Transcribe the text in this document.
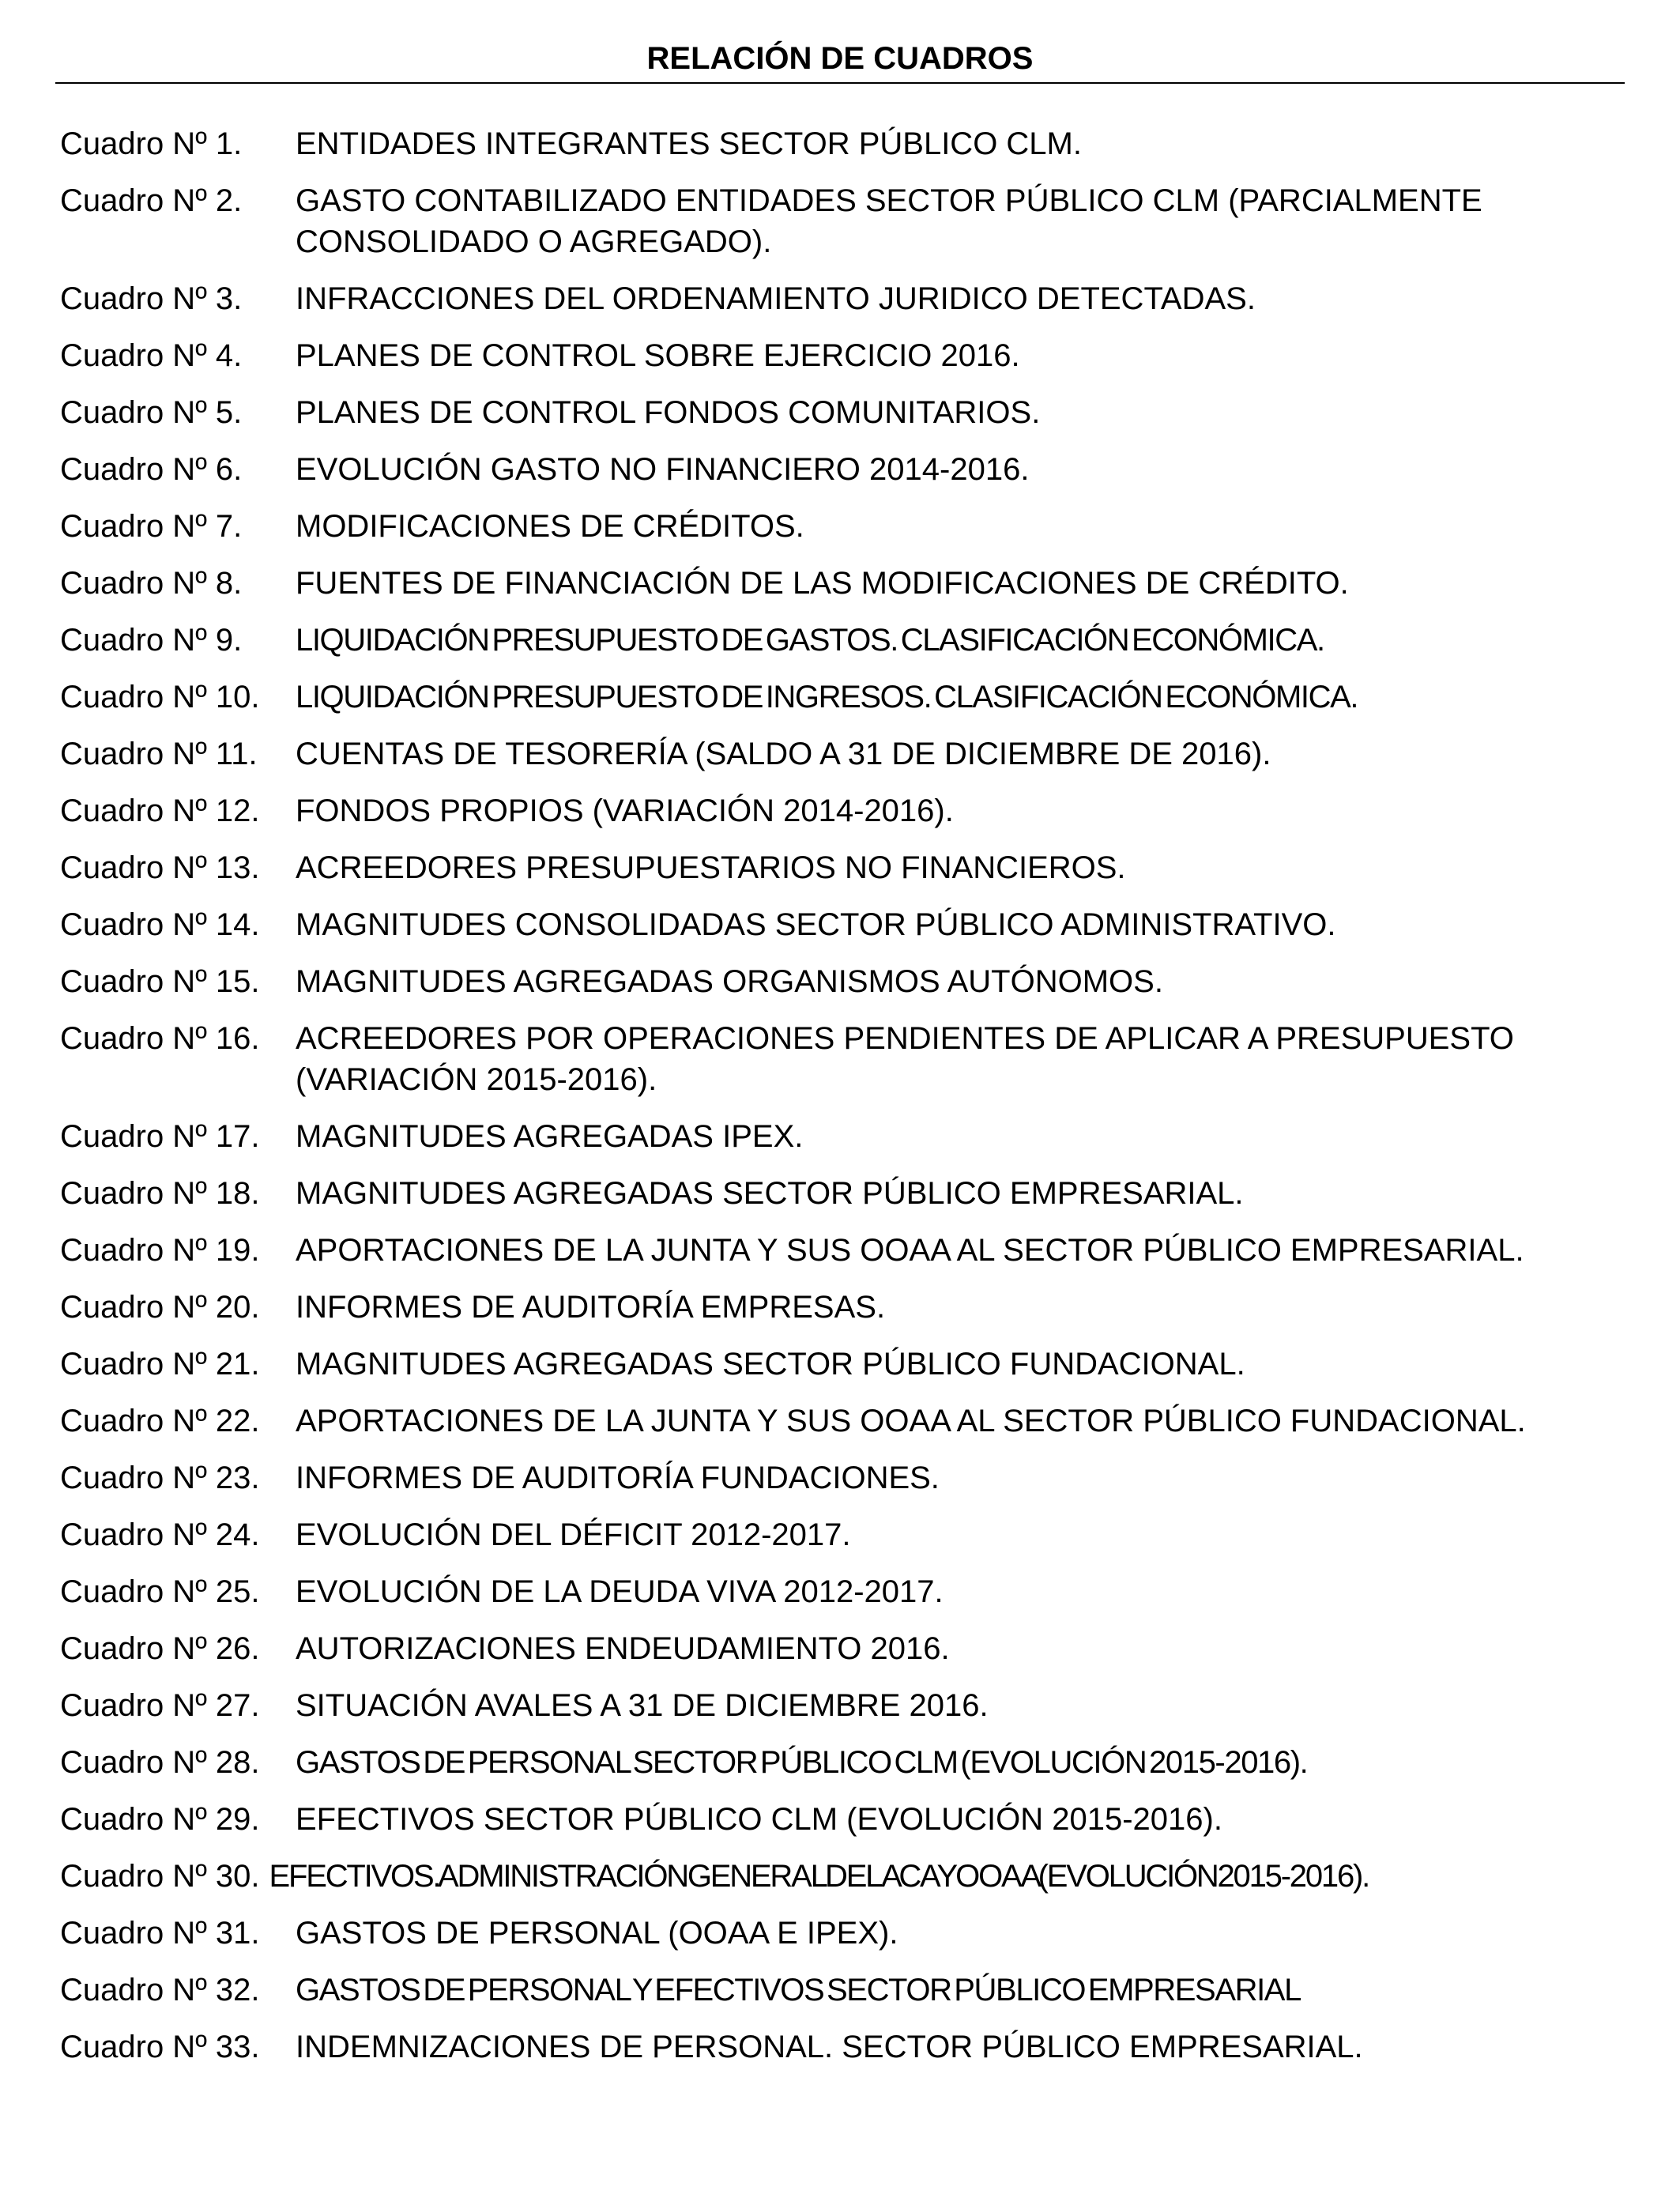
RELACIÓN DE CUADROS
Cuadro Nº 1.	ENTIDADES INTEGRANTES SECTOR PÚBLICO CLM.
Cuadro Nº 2.	GASTO CONTABILIZADO ENTIDADES SECTOR PÚBLICO CLM (PARCIALMENTE CONSOLIDADO O AGREGADO).
Cuadro Nº 3.	INFRACCIONES DEL ORDENAMIENTO JURIDICO DETECTADAS.
Cuadro Nº 4.	PLANES DE CONTROL SOBRE EJERCICIO 2016.
Cuadro Nº 5.	PLANES DE CONTROL FONDOS COMUNITARIOS.
Cuadro Nº 6.	EVOLUCIÓN GASTO NO FINANCIERO 2014-2016.
Cuadro Nº 7.	MODIFICACIONES DE CRÉDITOS.
Cuadro Nº 8.	FUENTES DE FINANCIACIÓN DE LAS MODIFICACIONES DE CRÉDITO.
Cuadro Nº 9.	LIQUIDACIÓN PRESUPUESTO DE GASTOS. CLASIFICACIÓN ECONÓMICA.
Cuadro Nº 10.	LIQUIDACIÓN PRESUPUESTO DE INGRESOS. CLASIFICACIÓN ECONÓMICA.
Cuadro Nº 11.	CUENTAS DE TESORERÍA (SALDO A 31 DE DICIEMBRE DE 2016).
Cuadro Nº 12.	FONDOS PROPIOS (VARIACIÓN 2014-2016).
Cuadro Nº 13.	ACREEDORES PRESUPUESTARIOS NO FINANCIEROS.
Cuadro Nº 14.	MAGNITUDES CONSOLIDADAS SECTOR PÚBLICO ADMINISTRATIVO.
Cuadro Nº 15.	MAGNITUDES AGREGADAS ORGANISMOS AUTÓNOMOS.
Cuadro Nº 16.	ACREEDORES POR OPERACIONES PENDIENTES DE APLICAR A PRESUPUESTO (VARIACIÓN 2015-2016).
Cuadro Nº 17.	MAGNITUDES AGREGADAS IPEX.
Cuadro Nº 18.	MAGNITUDES AGREGADAS SECTOR PÚBLICO EMPRESARIAL.
Cuadro Nº 19.	APORTACIONES DE LA JUNTA Y SUS OOAA AL SECTOR PÚBLICO EMPRESARIAL.
Cuadro Nº 20.	INFORMES DE AUDITORÍA EMPRESAS.
Cuadro Nº 21.	MAGNITUDES AGREGADAS SECTOR PÚBLICO FUNDACIONAL.
Cuadro Nº 22.	APORTACIONES DE LA JUNTA Y SUS OOAA AL SECTOR PÚBLICO FUNDACIONAL.
Cuadro Nº 23.	INFORMES DE AUDITORÍA FUNDACIONES.
Cuadro Nº 24.	EVOLUCIÓN DEL DÉFICIT 2012-2017.
Cuadro Nº 25.	EVOLUCIÓN DE LA DEUDA VIVA 2012-2017.
Cuadro Nº 26.	AUTORIZACIONES ENDEUDAMIENTO 2016.
Cuadro Nº 27.	SITUACIÓN AVALES A 31 DE DICIEMBRE 2016.
Cuadro Nº 28.	GASTOS DE PERSONAL SECTOR PÚBLICO CLM (EVOLUCIÓN 2015-2016).
Cuadro Nº 29.	EFECTIVOS SECTOR PÚBLICO CLM (EVOLUCIÓN 2015-2016).
Cuadro Nº 30. EFECTIVOS. ADMINISTRACIÓN GENERAL DE LA CA Y OOAA (EVOLUCIÓN 2015-2016).
Cuadro Nº 31.	GASTOS DE PERSONAL (OOAA E IPEX).
Cuadro Nº 32.	GASTOS DE PERSONAL Y EFECTIVOS SECTOR PÚBLICO EMPRESARIAL
Cuadro Nº 33.	INDEMNIZACIONES DE PERSONAL. SECTOR PÚBLICO EMPRESARIAL.
